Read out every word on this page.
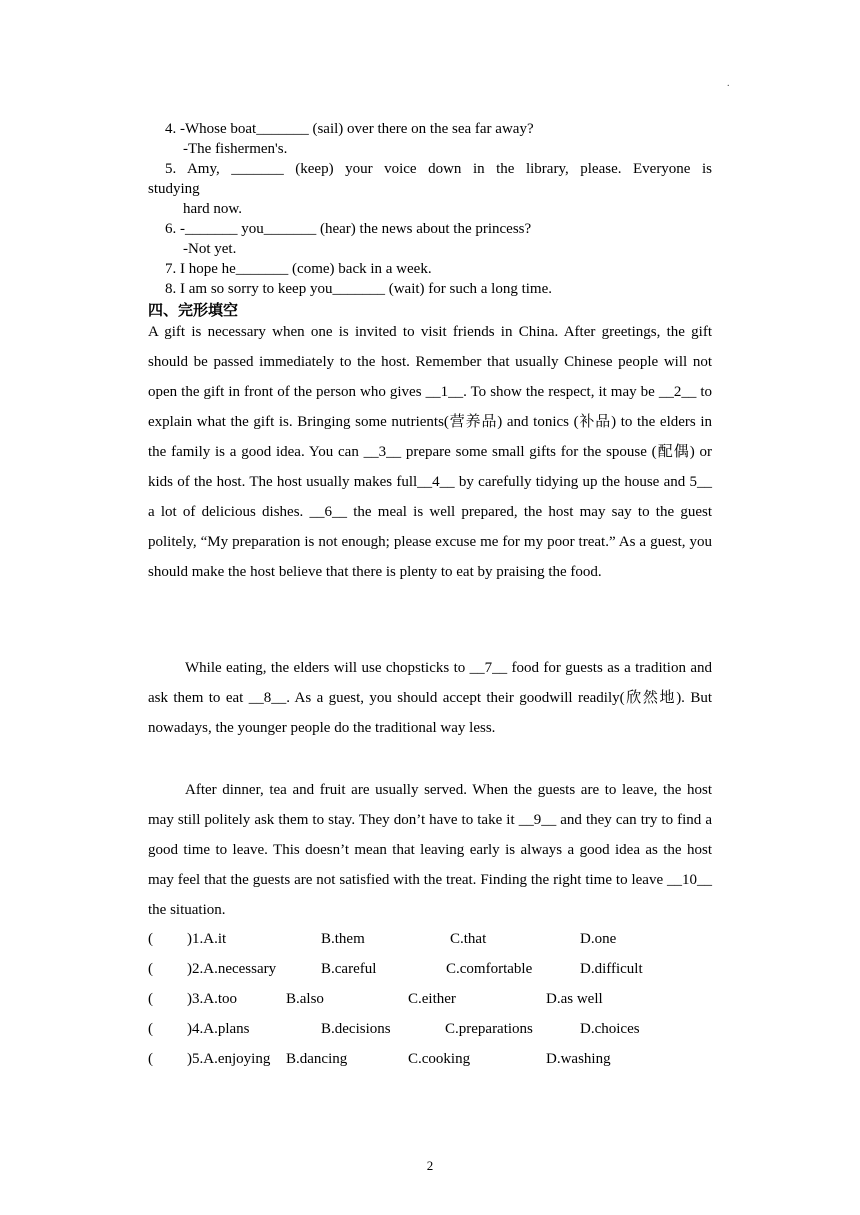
.
4. -Whose boat_______ (sail) over there on the sea far away?
-The fishermen's.
5. Amy, _______ (keep) your voice down in the library, please. Everyone is
studying
hard now.
6. -_______ you_______ (hear) the news about the princess?
-Not yet.
7. I hope he_______ (come) back in a week.
8. I am so sorry to keep you_______ (wait) for such a long time.
四、完形填空
A gift is necessary when one is invited to visit friends in China. After greetings, the gift should be passed immediately to the host. Remember that usually Chinese people will not open the gift in front of the person who gives __1__. To show the respect, it may be __2__ to explain what the gift is. Bringing some nutrients(营养品) and tonics (补品) to the elders in the family is a good idea. You can __3__ prepare some small gifts for the spouse (配偶) or kids of the host. The host usually makes full__4__ by carefully tidying up the house and 5__ a lot of delicious dishes. __6__ the meal is well prepared, the host may say to the guest politely, “My preparation is not enough; please excuse me for my poor treat.” As a guest, you should make the host believe that there is plenty to eat by praising the food.
While eating, the elders will use chopsticks to __7__ food for guests as a tradition and ask them to eat __8__. As a guest, you should accept their goodwill readily(欣然地). But nowadays, the younger people do the traditional way less.
After dinner, tea and fruit are usually served. When the guests are to leave, the host may still politely ask them to stay. They don’t have to take it __9__ and they can try to find a good time to leave. This doesn’t mean that leaving early is always a good idea as the host may feel that the guests are not satisfied with the treat. Finding the right time to leave __10__ the situation.
( )1.A.it	B.them	C.that	D.one
( )2.A.necessary	B.careful	C.comfortable	D.difficult
( )3.A.too	B.also	C.either	D.as well
( )4.A.plans	B.decisions	C.preparations	D.choices
( )5.A.enjoying B.dancing	C.cooking	D.washing
2
